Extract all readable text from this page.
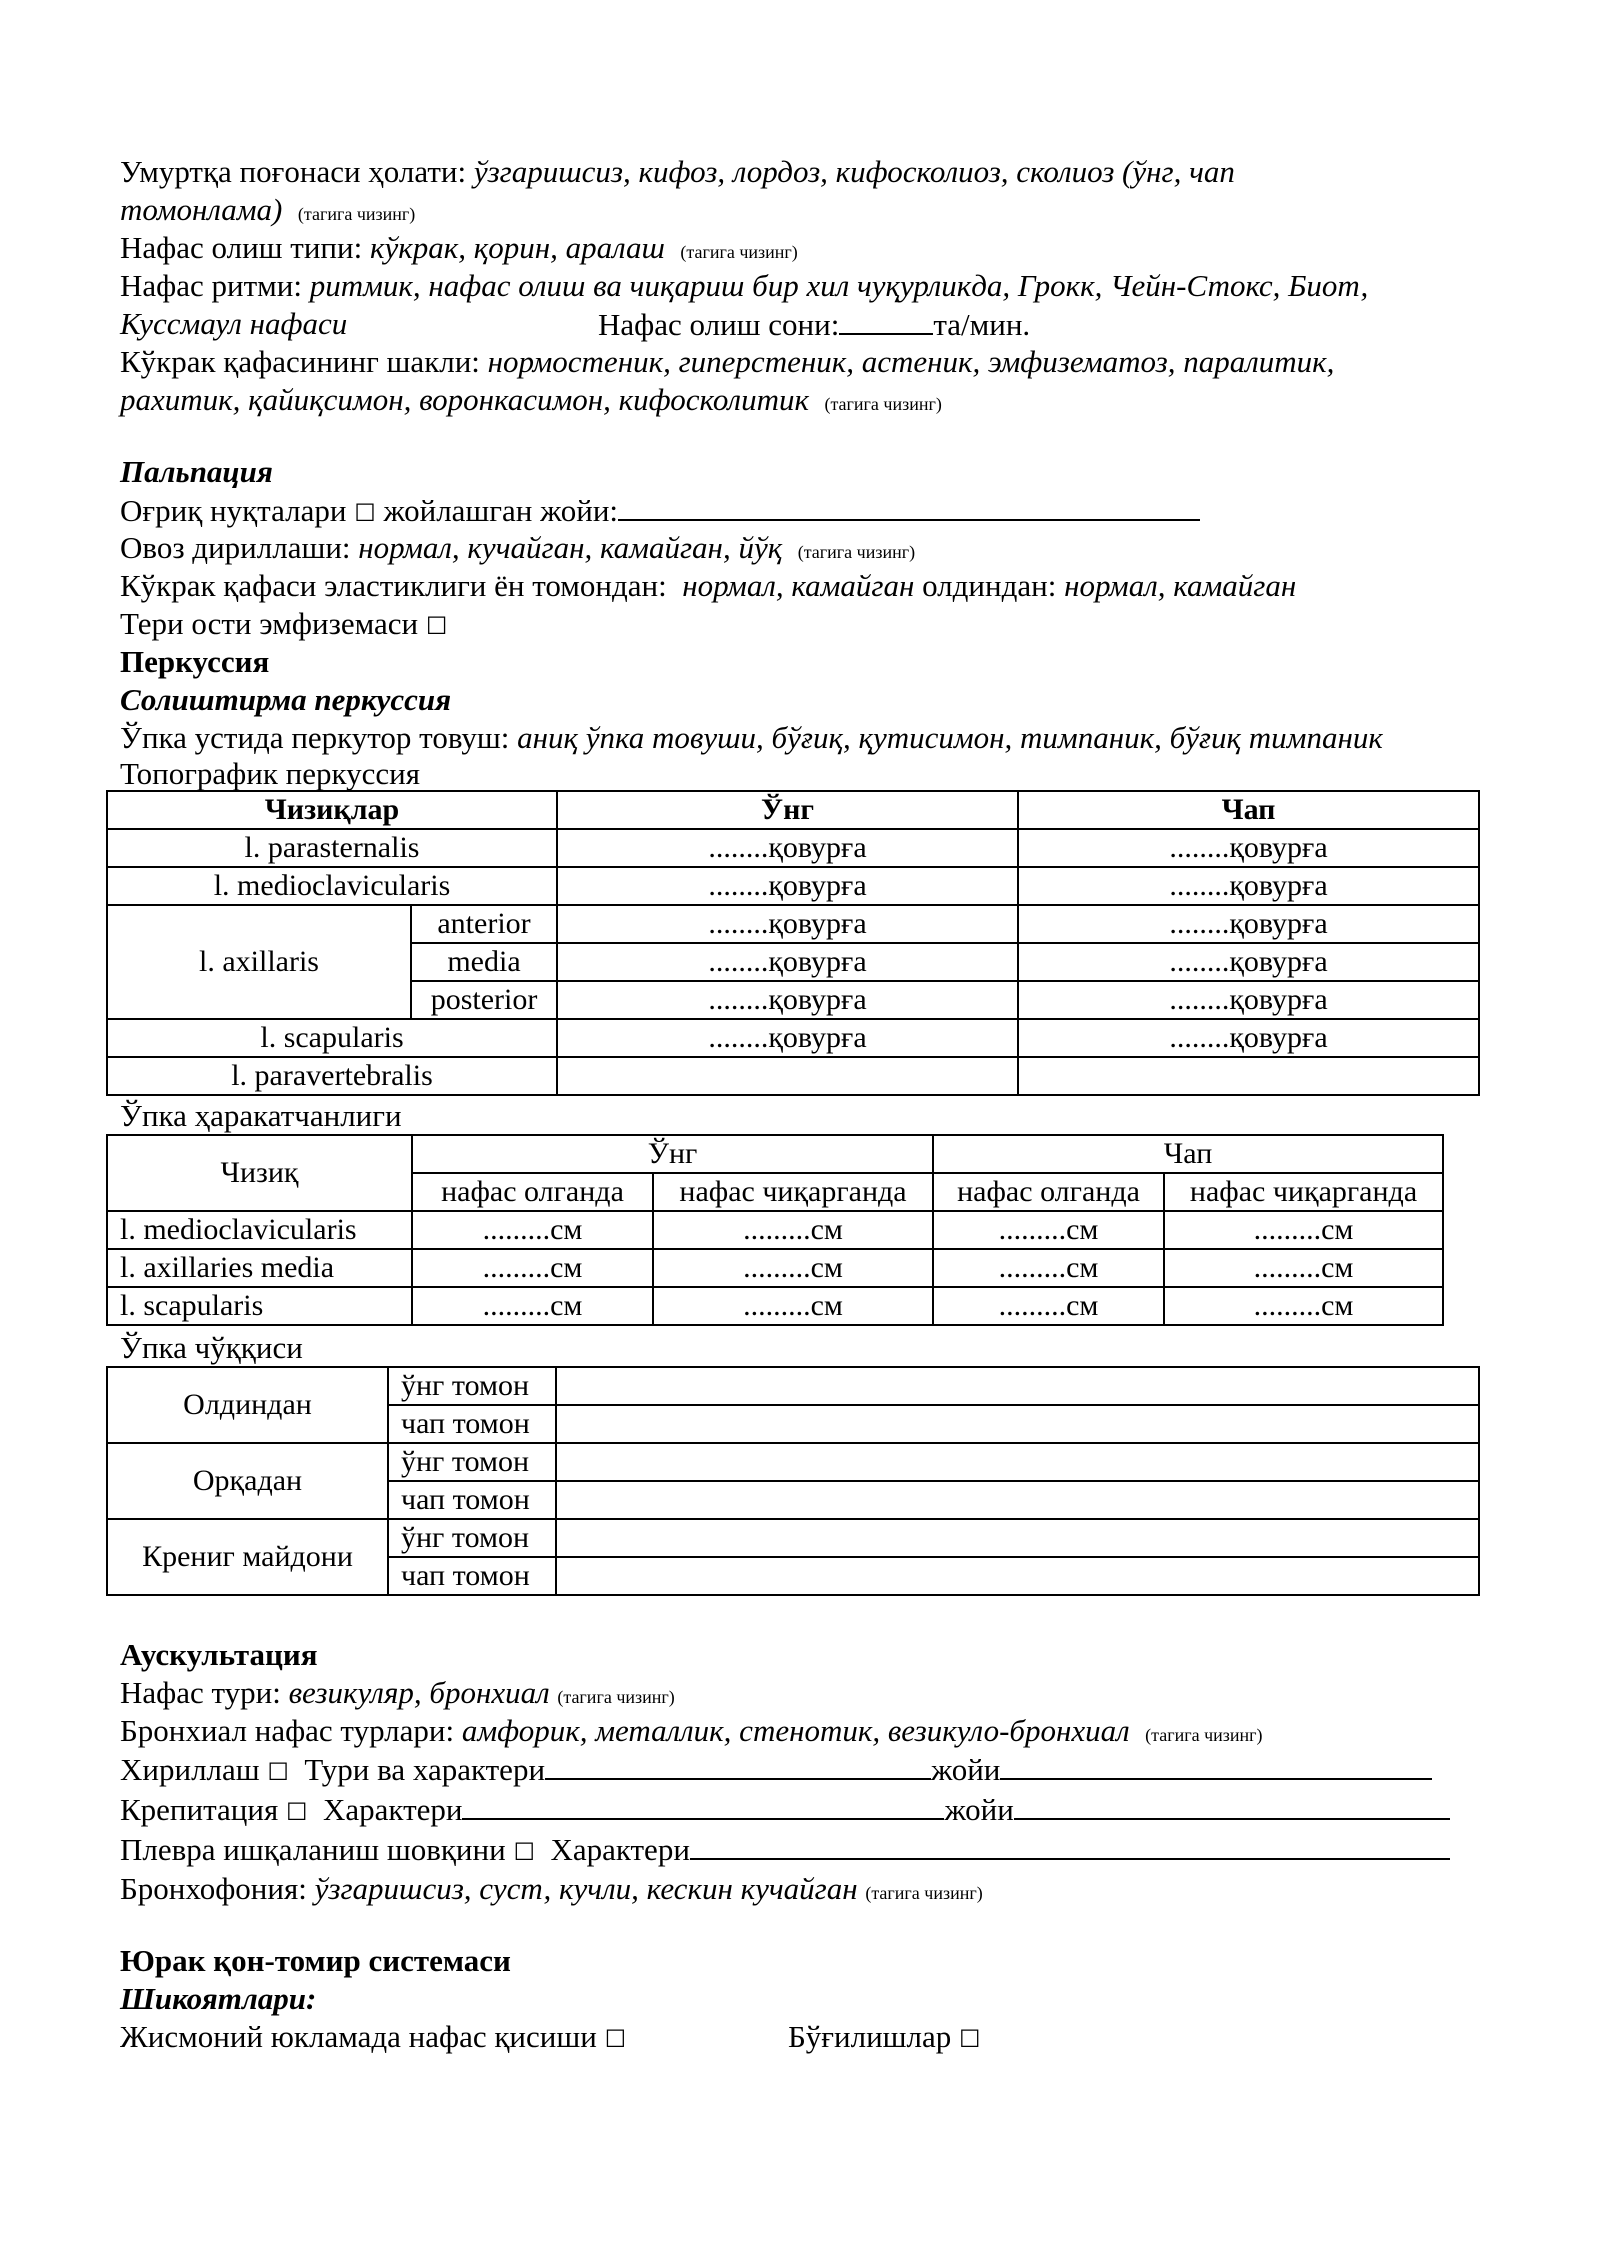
Умуртқа поғонаси ҳолати: ўзгаришсиз, кифоз, лордоз, кифосколиоз, сколиоз (ўнг, чап
томонлама) (тагига чизинг)
Нафас олиш типи: кўкрак, қорин, аралаш (тагига чизинг)
Нафас ритми: ритмик, нафас олиш ва чиқариш бир хил чуқурликда, Грокк, Чейн-Стокс, Биот,
Куссмаул нафаси	Нафас олиш сони:	та/мин.
Кўкрак қафасининг шакли: нормостеник, гиперстеник, астеник, эмфизематоз, паралитик,
рахитик, қайиқсимон, воронкасимон, кифосколитик (тагига чизинг)
Пальпация
Оғриқ нуқталари ☐ жойлашган жойи:
Овоз дириллаши: нормал, кучайган, камайган, йўқ (тагига чизинг)
Кўкрак қафаси эластиклиги ён томондан: нормал, камайган олдиндан: нормал, камайган
Тери ости эмфиземаси ☐
Перкуссия
Солиштирма перкуссия
Ўпка устида перкутор товуш: аниқ ўпка товуши, бўғиқ, қутисимон, тимпаник, бўғиқ тимпаник
Топографик перкуссия
Чизиқлар		Ўнг	Чап
l. parasternalis		........қовурға	........қовурға
l. medioclavicularis		........қовурға	........қовурға
l. axillaris	anterior	........қовурға	........қовурға
	media	........қовурға	........қовурға
	posterior	........қовурға	........қовурға
l. scapularis		........қовурға	........қовурға
l. paravertebralis			
Ўпка ҳаракатчанлиги
Чизиқ	Ўнг		Чап	
	нафас олганда	нафас чиқарганда	нафас олганда	нафас чиқарганда
l. medioclavicularis	.........см	.........см	.........см	.........см
l. axillaries media	.........см	.........см	.........см	.........см
l. scapularis	.........см	.........см	.........см	.........см
Ўпка чўққиси
Олдиндан	ўнг томон	
	чап томон	
Орқадан	ўнг томон	
	чап томон	
Крениг майдони	ўнг томон	
	чап томон	
Аускультация
Нафас тури: везикуляр, бронхиал (тагига чизинг)
Бронхиал нафас турлари: амфорик, металлик, стенотик, везикуло-бронхиал (тагига чизинг)
Хириллаш ☐ Тури ва характери	жойи
Крепитация ☐ Характери	жойи
Плевра ишқаланиш шовқини ☐ Характери
Бронхофония: ўзгаришсиз, суст, кучли, кескин кучайган (тагига чизинг)
Юрак қон-томир системаси
Шикоятлари:
Жисмоний юкламада нафас қисиши ☐	Бўғилишлар ☐
